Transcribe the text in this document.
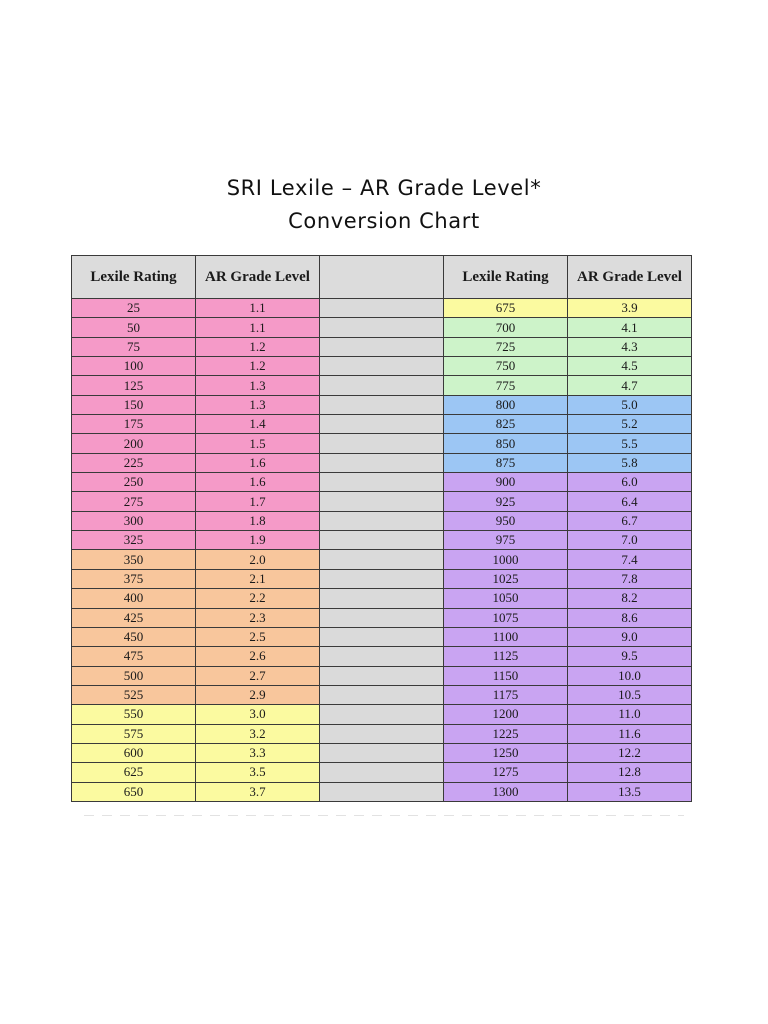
SRI Lexile – AR Grade Level*
Conversion Chart
Lexile Rating	AR Grade Level		Lexile Rating	AR Grade Level
25	1.1		675	3.9
50	1.1		700	4.1
75	1.2		725	4.3
100	1.2		750	4.5
125	1.3		775	4.7
150	1.3		800	5.0
175	1.4		825	5.2
200	1.5		850	5.5
225	1.6		875	5.8
250	1.6		900	6.0
275	1.7		925	6.4
300	1.8		950	6.7
325	1.9		975	7.0
350	2.0		1000	7.4
375	2.1		1025	7.8
400	2.2		1050	8.2
425	2.3		1075	8.6
450	2.5		1100	9.0
475	2.6		1125	9.5
500	2.7		1150	10.0
525	2.9		1175	10.5
550	3.0		1200	11.0
575	3.2		1225	11.6
600	3.3		1250	12.2
625	3.5		1275	12.8
650	3.7		1300	13.5
